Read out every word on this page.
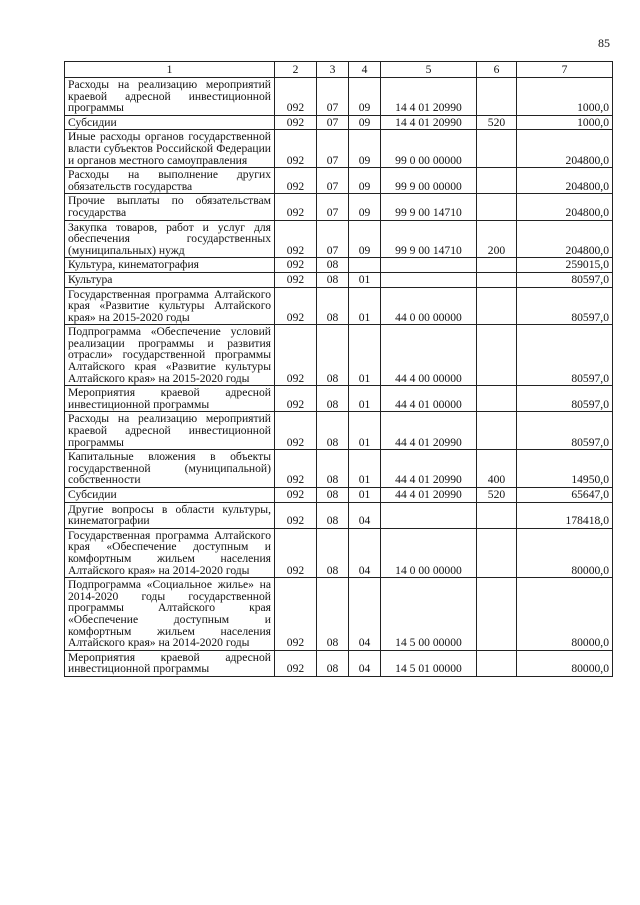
85
1	2	3	4	5	6	7
Расходы на реализацию мероприятий краевой адресной инвестиционной программы	092	07	09	14 4 01 20990		1000,0
Субсидии	092	07	09	14 4 01 20990	520	1000,0
Иные расходы органов государственной власти субъектов Российской Федерации и органов местного самоуправления	092	07	09	99 0 00 00000		204800,0
Расходы на выполнение других обязательств государства	092	07	09	99 9 00 00000		204800,0
Прочие выплаты по обязательствам государства	092	07	09	99 9 00 14710		204800,0
Закупка товаров, работ и услуг для обеспечения государственных (муниципальных) нужд	092	07	09	99 9 00 14710	200	204800,0
Культура, кинематография	092	08				259015,0
Культура	092	08	01			80597,0
Государственная программа Алтайского края «Развитие культуры Алтайского края» на 2015-2020 годы	092	08	01	44 0 00 00000		80597,0
Подпрограмма «Обеспечение условий реализации программы и развития отрасли» государственной программы Алтайского края «Развитие культуры Алтайского края» на 2015-2020 годы	092	08	01	44 4 00 00000		80597,0
Мероприятия краевой адресной инвестиционной программы	092	08	01	44 4 01 00000		80597,0
Расходы на реализацию мероприятий краевой адресной инвестиционной программы	092	08	01	44 4 01 20990		80597,0
Капитальные вложения в объекты государственной (муниципальной) собственности	092	08	01	44 4 01 20990	400	14950,0
Субсидии	092	08	01	44 4 01 20990	520	65647,0
Другие вопросы в области культуры, кинематографии	092	08	04			178418,0
Государственная программа Алтайского края «Обеспечение доступным и комфортным жильем населения Алтайского края» на 2014-2020 годы	092	08	04	14 0 00 00000		80000,0
Подпрограмма «Социальное жилье» на 2014-2020 годы государственной программы Алтайского края «Обеспечение доступным и комфортным жильем населения Алтайского края» на 2014-2020 годы	092	08	04	14 5 00 00000		80000,0
Мероприятия краевой адресной инвестиционной программы	092	08	04	14 5 01 00000		80000,0
